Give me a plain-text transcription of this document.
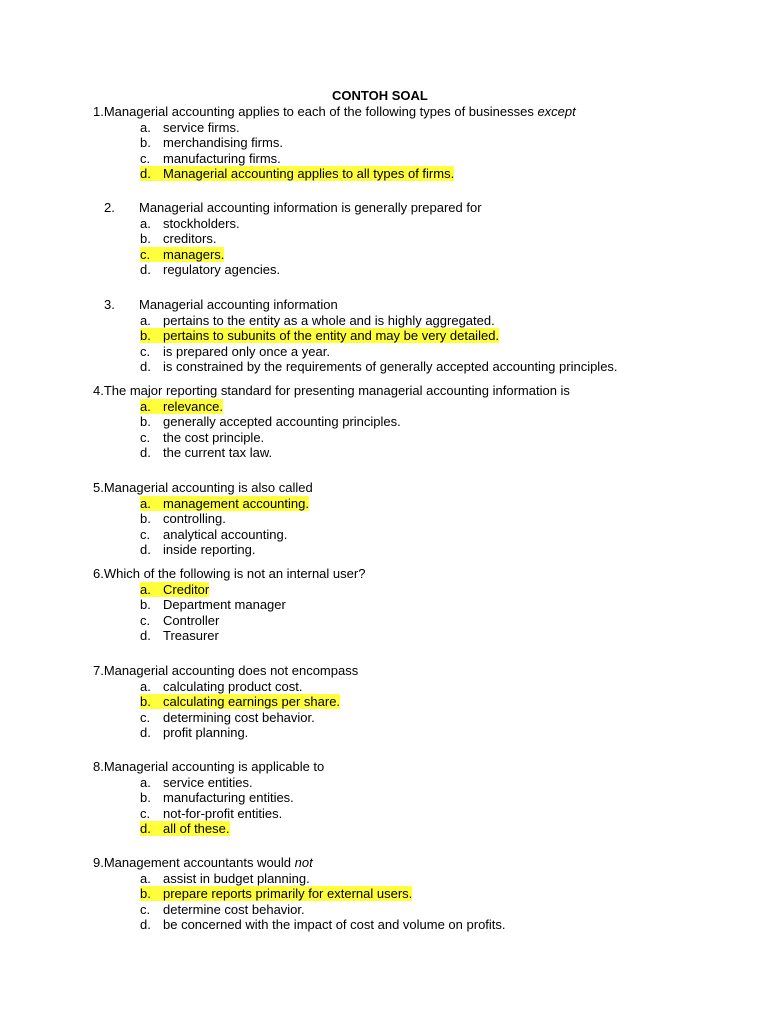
CONTOH SOAL
1.Managerial accounting applies to each of the following types of businesses except
a. service firms.
b. merchandising firms.
c. manufacturing firms.
d. Managerial accounting applies to all types of firms.
2. Managerial accounting information is generally prepared for
a. stockholders.
b. creditors.
c. managers.
d. regulatory agencies.
3. Managerial accounting information
a. pertains to the entity as a whole and is highly aggregated.
b. pertains to subunits of the entity and may be very detailed.
c. is prepared only once a year.
d. is constrained by the requirements of generally accepted accounting principles.
4.The major reporting standard for presenting managerial accounting information is
a. relevance.
b. generally accepted accounting principles.
c. the cost principle.
d. the current tax law.
5.Managerial accounting is also called
a. management accounting.
b. controlling.
c. analytical accounting.
d. inside reporting.
6.Which of the following is not an internal user?
a. Creditor
b. Department manager
c. Controller
d. Treasurer
7.Managerial accounting does not encompass
a. calculating product cost.
b. calculating earnings per share.
c. determining cost behavior.
d. profit planning.
8.Managerial accounting is applicable to
a. service entities.
b. manufacturing entities.
c. not-for-profit entities.
d. all of these.
9.Management accountants would not
a. assist in budget planning.
b. prepare reports primarily for external users.
c. determine cost behavior.
d. be concerned with the impact of cost and volume on profits.
